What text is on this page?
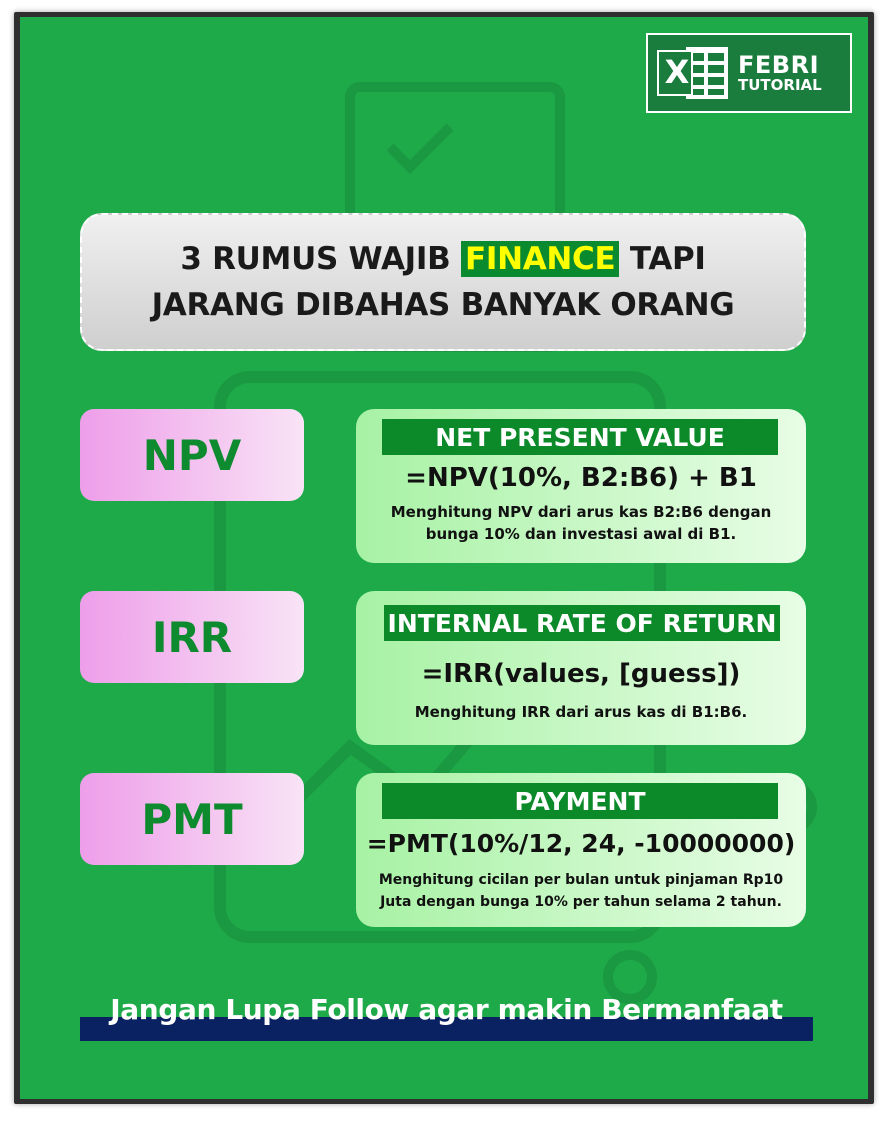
X FEBRI
TUTORIAL
3 RUMUS WAJIB FINANCE TAPI
JARANG DIBAHAS BANYAK ORANG
NPV	NET PRESENT VALUE
=NPV(10%, B2:B6) + B1
Menghitung NPV dari arus kas B2:B6 dengan
bunga 10% dan investasi awal di B1.
IRR	INTERNAL RATE OF RETURN
=IRR(values, [guess])
Menghitung IRR dari arus kas di B1:B6.
PMT	PAYMENT
=PMT(10%/12, 24, -10000000)
Menghitung cicilan per bulan untuk pinjaman Rp10
Juta dengan bunga 10% per tahun selama 2 tahun.
Jangan Lupa Follow agar makin Bermanfaat
